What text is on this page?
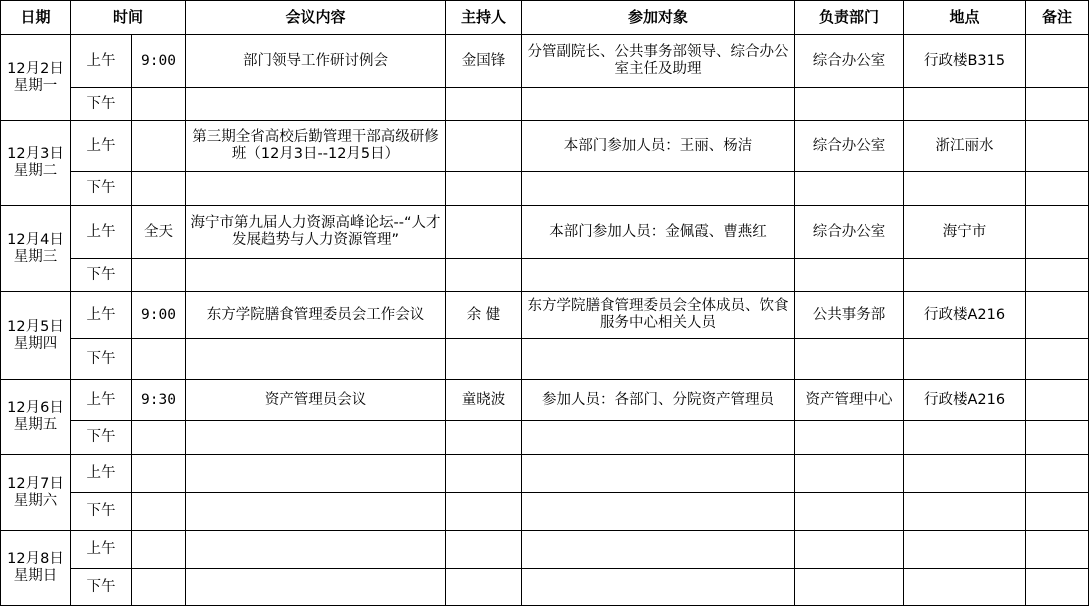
日期	时间		会议内容	主持人	参加对象	负责部门	地点	备注

12月2日
星期一	上午	9:00	部门领导工作研讨例会	金国锋	分管副院长、公共事务部领导、综合办公室主任及助理	综合办公室	行政楼B315	
	下午							

12月3日
星期二	上午		第三期全省高校后勤管理干部高级研修班（12月3日--12月5日）		本部门参加人员：王丽、杨洁	综合办公室	浙江丽水	
	下午							

12月4日
星期三	上午	全天	海宁市第九届人力资源高峰论坛--“人才发展趋势与人力资源管理”		本部门参加人员：金佩霞、曹燕红	综合办公室	海宁市	
	下午							

12月5日
星期四	上午	9:00	东方学院膳食管理委员会工作会议	余 健	东方学院膳食管理委员会全体成员、饮食服务中心相关人员	公共事务部	行政楼A216	
	下午							

12月6日
星期五	上午	9:30	资产管理员会议	童晓波	参加人员：各部门、分院资产管理员	资产管理中心	行政楼A216	
	下午							

12月7日
星期六	上午							
	下午							

12月8日
星期日	上午							
	下午							
